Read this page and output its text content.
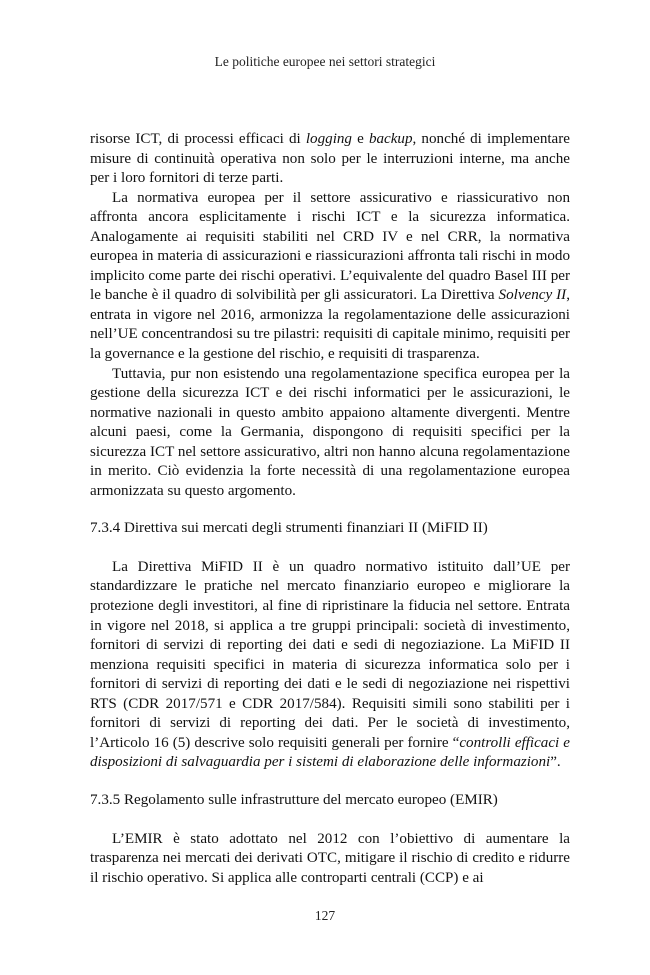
Le politiche europee nei settori strategici

risorse ICT, di processi efficaci di logging e backup, nonché di implementare misure di continuità operativa non solo per le interruzioni interne, ma anche per i loro fornitori di terze parti.

La normativa europea per il settore assicurativo e riassicurativo non affronta ancora esplicitamente i rischi ICT e la sicurezza informatica. Analogamente ai requisiti stabiliti nel CRD IV e nel CRR, la normativa europea in materia di assicurazioni e riassicurazioni affronta tali rischi in modo implicito come parte dei rischi operativi. L’equivalente del quadro Basel III per le banche è il quadro di solvibilità per gli assicuratori. La Direttiva Solvency II, entrata in vigore nel 2016, armonizza la regolamentazione delle assicurazioni nell’UE concentrandosi su tre pilastri: requisiti di capitale minimo, requisiti per la governance e la gestione del rischio, e requisiti di trasparenza.

Tuttavia, pur non esistendo una regolamentazione specifica europea per la gestione della sicurezza ICT e dei rischi informatici per le assicurazioni, le normative nazionali in questo ambito appaiono altamente divergenti. Mentre alcuni paesi, come la Germania, dispongono di requisiti specifici per la sicurezza ICT nel settore assicurativo, altri non hanno alcuna regolamentazione in merito. Ciò evidenzia la forte necessità di una regolamentazione europea armonizzata su questo argomento.

7.3.4 Direttiva sui mercati degli strumenti finanziari II (MiFID II)

La Direttiva MiFID II è un quadro normativo istituito dall’UE per standardizzare le pratiche nel mercato finanziario europeo e migliorare la protezione degli investitori, al fine di ripristinare la fiducia nel settore. Entrata in vigore nel 2018, si applica a tre gruppi principali: società di investimento, fornitori di servizi di reporting dei dati e sedi di negoziazione. La MiFID II menziona requisiti specifici in materia di sicurezza informatica solo per i fornitori di servizi di reporting dei dati e le sedi di negoziazione nei rispettivi RTS (CDR 2017/571 e CDR 2017/584). Requisiti simili sono stabiliti per i fornitori di servizi di reporting dei dati. Per le società di investimento, l’Articolo 16 (5) descrive solo requisiti generali per fornire “controlli efficaci e disposizioni di salvaguardia per i sistemi di elaborazione delle informazioni”.

7.3.5 Regolamento sulle infrastrutture del mercato europeo (EMIR)

L’EMIR è stato adottato nel 2012 con l’obiettivo di aumentare la trasparenza nei mercati dei derivati OTC, mitigare il rischio di credito e ridurre il rischio operativo. Si applica alle controparti centrali (CCP) e ai

127
